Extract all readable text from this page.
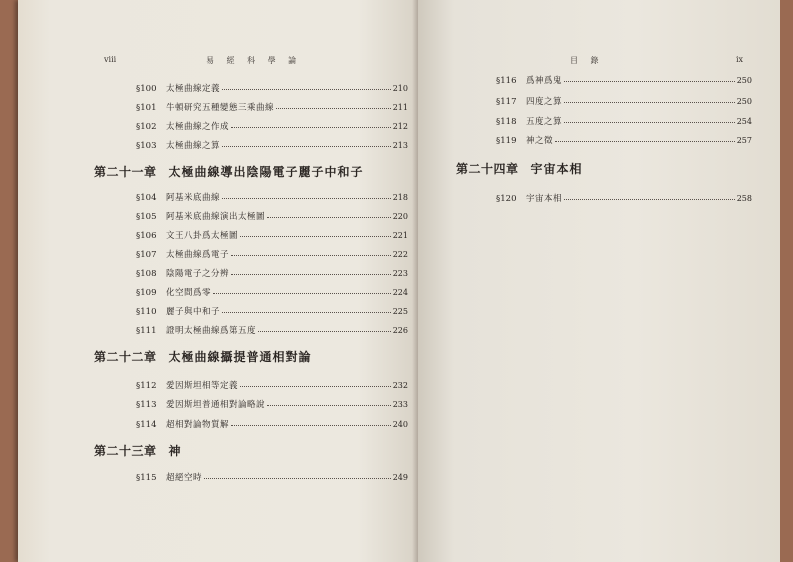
viii	易 經 科 學 論
§100	太極曲線定義	210
§101	牛頓研究五種變態三乘曲線	211
§102	太極曲線之作成	212
§103	太極曲線之算	213
第二十一章 太極曲線導出陰陽電子麗子中和子
§104	阿基米底曲線	218
§105	阿基米底曲線演出太極圖	220
§106	文王八卦爲太極圖	221
§107	太極曲線爲電子	222
§108	陰陽電子之分辨	223
§109	化空間爲零	224
§110	麗子與中和子	225
§111	證明太極曲線爲第五度	226
第二十二章 太極曲線攝提普通相對論
§112	愛因斯坦相等定義	232
§113	愛因斯坦普通相對論略說	233
§114	超相對論物質解	240
第二十三章 神
§115	超絕空時	249
目 錄	ix
§116	爲神爲鬼	250
§117	四度之算	250
§118	五度之算	254
§119	神之徵	257
第二十四章 宇宙本相
§120	宇宙本相	258
